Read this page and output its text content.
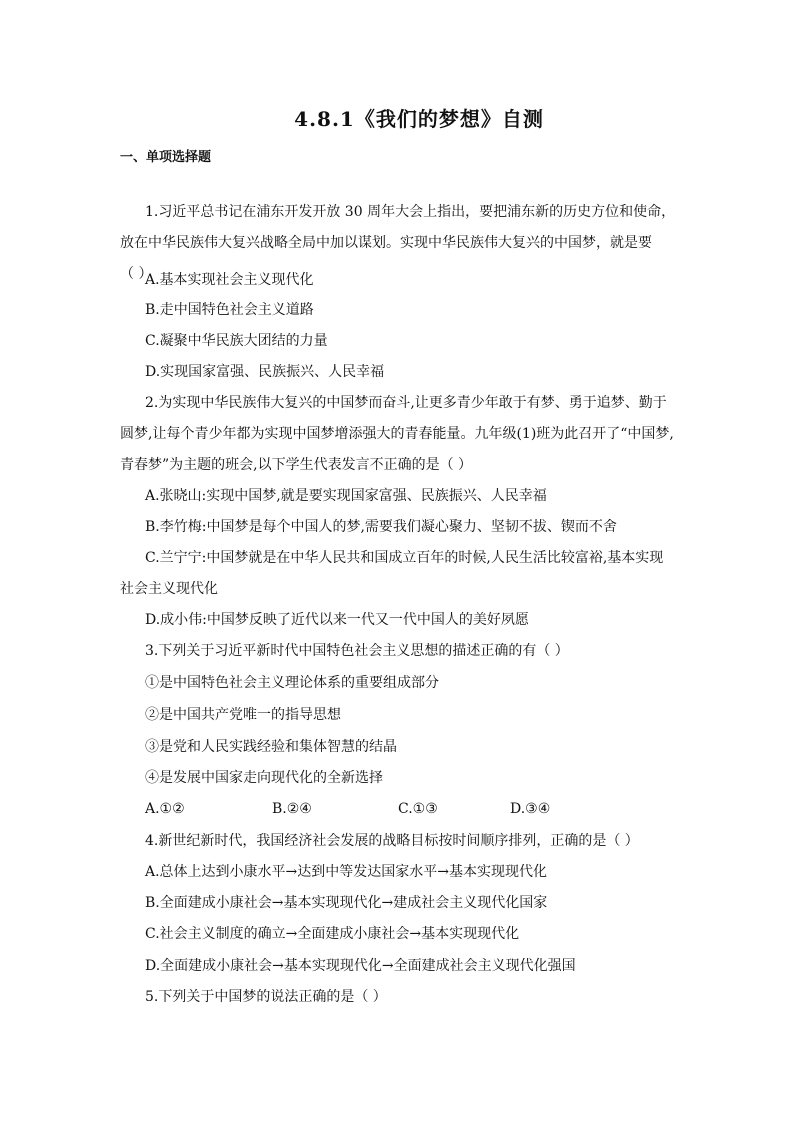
4.8.1《我们的梦想》自测
一、单项选择题
1.习近平总书记在浦东开发开放 30 周年大会上指出，要把浦东新的历史方位和使命，
放在中华民族伟大复兴战略全局中加以谋划。实现中华民族伟大复兴的中国梦，就是要
（ ）
A.基本实现社会主义现代化
B.走中国特色社会主义道路
C.凝聚中华民族大团结的力量
D.实现国家富强、民族振兴、人民幸福
2.为实现中华民族伟大复兴的中国梦而奋斗,让更多青少年敢于有梦、勇于追梦、勤于
圆梦,让每个青少年都为实现中国梦增添强大的青春能量。九年级(1)班为此召开了“中国梦,
青春梦”为主题的班会,以下学生代表发言不正确的是（ ）
A.张晓山:实现中国梦,就是要实现国家富强、民族振兴、人民幸福
B.李竹梅:中国梦是每个中国人的梦,需要我们凝心聚力、坚韧不拔、锲而不舍
C.兰宁宁:中国梦就是在中华人民共和国成立百年的时候,人民生活比较富裕,基本实现
社会主义现代化
D.成小伟:中国梦反映了近代以来一代又一代中国人的美好夙愿
3.下列关于习近平新时代中国特色社会主义思想的描述正确的有（ ）
①是中国特色社会主义理论体系的重要组成部分
②是中国共产党唯一的指导思想
③是党和人民实践经验和集体智慧的结晶
④是发展中国家走向现代化的全新选择
A.①②	B.②④	C.①③	D.③④
4.新世纪新时代，我国经济社会发展的战略目标按时间顺序排列，正确的是（ ）
A.总体上达到小康水平→达到中等发达国家水平→基本实现现代化
B.全面建成小康社会→基本实现现代化→建成社会主义现代化国家
C.社会主义制度的确立→全面建成小康社会→基本实现现代化
D.全面建成小康社会→基本实现现代化→全面建成社会主义现代化强国
5.下列关于中国梦的说法正确的是（ ）
